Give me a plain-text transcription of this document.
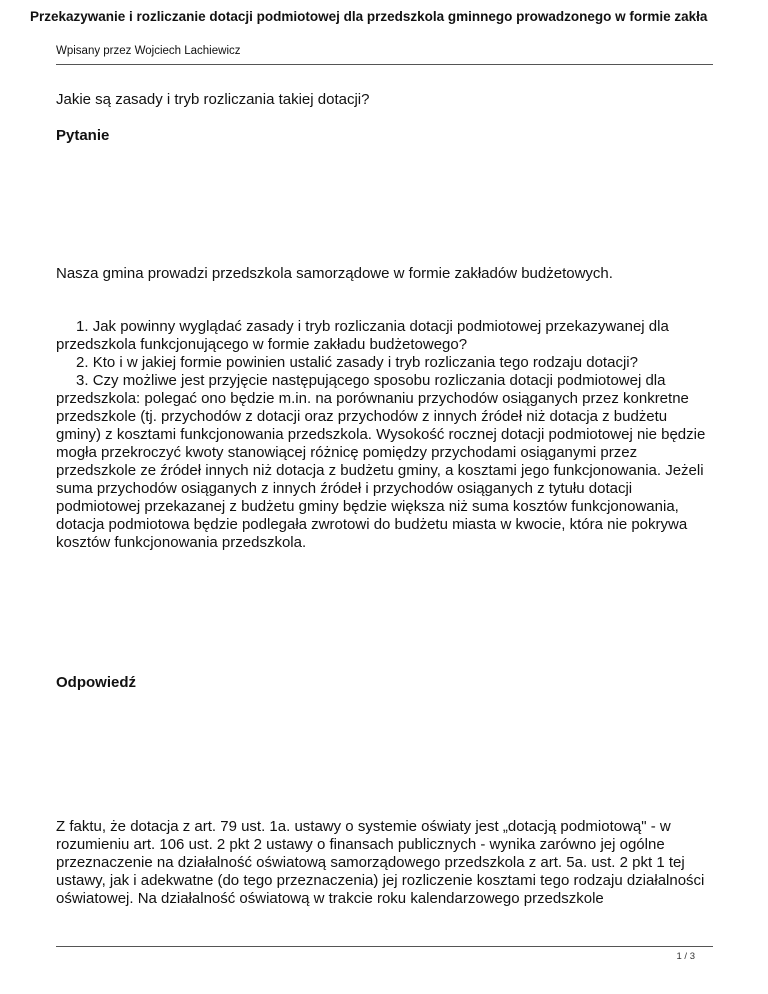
Przekazywanie i rozliczanie dotacji podmiotowej dla przedszkola gminnego prowadzonego w formie zakła
Wpisany przez Wojciech Lachiewicz
Jakie są zasady i tryb rozliczania takiej dotacji?
Pytanie
Nasza gmina prowadzi przedszkola samorządowe w formie zakładów budżetowych.
1. Jak powinny wyglądać zasady i tryb rozliczania dotacji podmiotowej przekazywanej dla przedszkola funkcjonującego w formie zakładu budżetowego?
2. Kto i w jakiej formie powinien ustalić zasady i tryb rozliczania tego rodzaju dotacji?
3. Czy możliwe jest przyjęcie następującego sposobu rozliczania dotacji podmiotowej dla przedszkola: polegać ono będzie m.in. na porównaniu przychodów osiąganych przez konkretne przedszkole (tj. przychodów z dotacji oraz przychodów z innych źródeł niż dotacja z budżetu gminy) z kosztami funkcjonowania przedszkola. Wysokość rocznej dotacji podmiotowej nie będzie mogła przekroczyć kwoty stanowiącej różnicę pomiędzy przychodami osiąganymi przez przedszkole ze źródeł innych niż dotacja z budżetu gminy, a kosztami jego funkcjonowania. Jeżeli suma przychodów osiąganych z innych źródeł i przychodów osiąganych z tytułu dotacji podmiotowej przekazanej z budżetu gminy będzie większa niż suma kosztów funkcjonowania, dotacja podmiotowa będzie podlegała zwrotowi do budżetu miasta w kwocie, która nie pokrywa kosztów funkcjonowania przedszkola.
Odpowiedź
Z faktu, że dotacja z art. 79 ust. 1a. ustawy o systemie oświaty jest „dotacją podmiotową" - w rozumieniu art. 106 ust. 2 pkt 2 ustawy o finansach publicznych - wynika zarówno jej ogólne przeznaczenie na działalność oświatową samorządowego przedszkola z art. 5a. ust. 2 pkt 1 tej ustawy, jak i adekwatne (do tego przeznaczenia) jej rozliczenie kosztami tego rodzaju działalności oświatowej. Na działalność oświatową w trakcie roku kalendarzowego przedszkole
1 / 3
